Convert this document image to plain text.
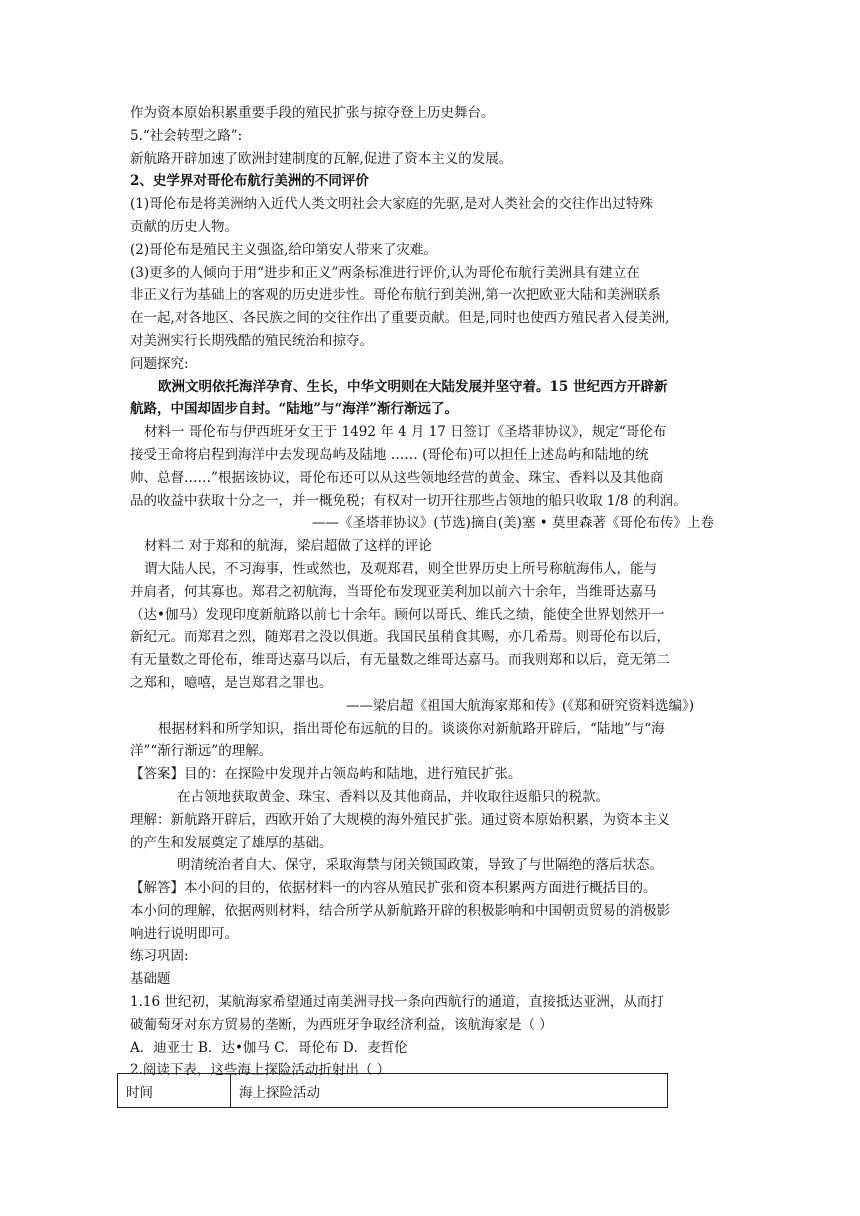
作为资本原始积累重要手段的殖民扩张与掠夺登上历史舞台。
5.“社会转型之路”:
新航路开辟加速了欧洲封建制度的瓦解,促进了资本主义的发展。
2、史学界对哥伦布航行美洲的不同评价
(1)哥伦布是将美洲纳入近代人类文明社会大家庭的先驱,是对人类社会的交往作出过特殊
贡献的历史人物。
(2)哥伦布是殖民主义强盗,给印第安人带来了灾难。
(3)更多的人倾向于用“进步和正义”两条标准进行评价,认为哥伦布航行美洲具有建立在
非正义行为基础上的客观的历史进步性。哥伦布航行到美洲,第一次把欧亚大陆和美洲联系
在一起,对各地区、各民族之间的交往作出了重要贡献。但是,同时也使西方殖民者入侵美洲,
对美洲实行长期残酷的殖民统治和掠夺。
问题探究:
欧洲文明依托海洋孕育、生长，中华文明则在大陆发展并坚守着。15 世纪西方开辟新
航路，中国却固步自封。“陆地”与“海洋”渐行渐远了。
材料一 哥伦布与伊西班牙女王于 1492 年 4 月 17 日签订《圣塔菲协议》，规定“哥伦布
接受王命将启程到海洋中去发现岛屿及陆地 …… (哥伦布)可以担任上述岛屿和陆地的统
帅、总督……”根据该协议，哥伦布还可以从这些领地经营的黄金、珠宝、香料以及其他商
品的收益中获取十分之一，并一概免税；有权对一切开往那些占领地的船只收取 1/8 的利润。
——《圣塔菲协议》(节选)摘自(美)塞 • 莫里森著《哥伦布传》上卷
材料二 对于郑和的航海，梁启超做了这样的评论
谓大陆人民，不习海事，性或然也，及观郑君，则全世界历史上所号称航海伟人，能与
并肩者，何其寡也。郑君之初航海，当哥伦布发现亚美利加以前六十余年，当维哥达嘉马
（达•伽马）发现印度新航路以前七十余年。顾何以哥氏、维氏之绩，能使全世界划然开一
新纪元。而郑君之烈，随郑君之没以俱逝。我国民虽稍食其赐，亦几希焉。则哥伦布以后，
有无量数之哥伦布，维哥达嘉马以后，有无量数之维哥达嘉马。而我则郑和以后，竟无第二
之郑和，噫嘻，是岂郑君之罪也。
——梁启超《祖国大航海家郑和传》(《郑和研究资料选编》)
根据材料和所学知识，指出哥伦布远航的目的。谈谈你对新航路开辟后，“陆地”与“海
洋”“渐行渐远”的理解。
【答案】目的：在探险中发现并占领岛屿和陆地，进行殖民扩张。
在占领地获取黄金、珠宝、香料以及其他商品，并收取往返船只的税款。
理解：新航路开辟后，西欧开始了大规模的海外殖民扩张。通过资本原始积累，为资本主义
的产生和发展奠定了雄厚的基础。
明清统治者自大、保守，采取海禁与闭关锁国政策，导致了与世隔绝的落后状态。
【解答】本小问的目的，依据材料一的内容从殖民扩张和资本积累两方面进行概括目的。
本小问的理解，依据两则材料，结合所学从新航路开辟的积极影响和中国朝贡贸易的消极影
响进行说明即可。
练习巩固:
基础题
1.16 世纪初，某航海家希望通过南美洲寻找一条向西航行的通道，直接抵达亚洲，从而打
破葡萄牙对东方贸易的垄断，为西班牙争取经济利益，该航海家是（ ）
A．迪亚士 B．达•伽马 C．哥伦布 D．麦哲伦
2.阅读下表，这些海上探险活动折射出（ ）
时间	海上探险活动
